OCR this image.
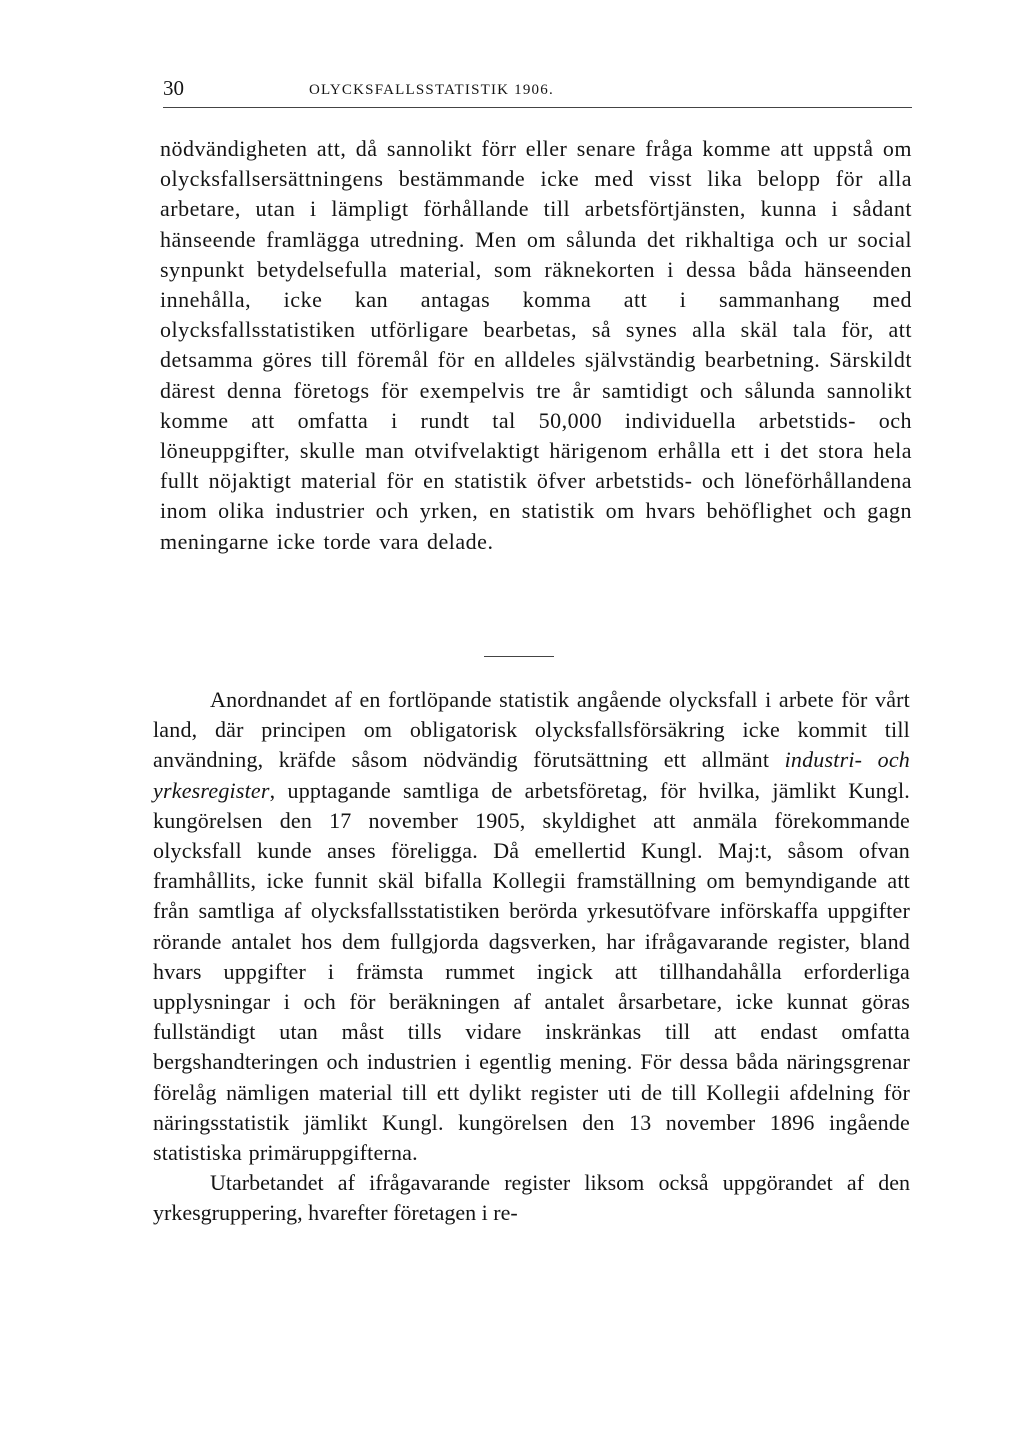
30	OLYCKSFALLSSTATISTIK 1906.

nödvändigheten att, då sannolikt förr eller senare fråga komme att uppstå om olycksfallsersättningens bestämmande icke med visst lika belopp för alla arbetare, utan i lämpligt förhållande till arbetsförtjänsten, kunna i sådant hänseende framlägga utredning. Men om sålunda det rikhaltiga och ur social synpunkt betydelsefulla material, som räknekorten i dessa båda hänseenden innehålla, icke kan antagas komma att i sammanhang med olycksfallsstatistiken utförligare bearbetas, så synes alla skäl tala för, att detsamma göres till föremål för en alldeles självständig bearbetning. Särskildt därest denna företogs för exempelvis tre år samtidigt och sålunda sannolikt komme att omfatta i rundt tal 50,000 individuella arbetstids- och löneuppgifter, skulle man otvifvelaktigt härigenom erhålla ett i det stora hela fullt nöjaktigt material för en statistik öfver arbetstids- och löneförhållandena inom olika industrier och yrken, en statistik om hvars behöflighet och gagn meningarne icke torde vara delade.

Anordnandet af en fortlöpande statistik angående olycksfall i arbete för vårt land, där principen om obligatorisk olycksfallsförsäkring icke kommit till användning, kräfde såsom nödvändig förutsättning ett allmänt industri- och yrkesregister, upptagande samtliga de arbetsföretag, för hvilka, jämlikt Kungl. kungörelsen den 17 november 1905, skyldighet att anmäla förekommande olycksfall kunde anses föreligga. Då emellertid Kungl. Maj:t, såsom ofvan framhållits, icke funnit skäl bifalla Kollegii framställning om bemyndigande att från samtliga af olycksfallsstatistiken berörda yrkesutöfvare införskaffa uppgifter rörande antalet hos dem fullgjorda dagsverken, har ifrågavarande register, bland hvars uppgifter i främsta rummet ingick att tillhandahålla erforderliga upplysningar i och för beräkningen af antalet årsarbetare, icke kunnat göras fullständigt utan måst tills vidare inskränkas till att endast omfatta bergshandteringen och industrien i egentlig mening. För dessa båda näringsgrenar förelåg nämligen material till ett dylikt register uti de till Kollegii afdelning för näringsstatistik jämlikt Kungl. kungörelsen den 13 november 1896 ingående statistiska primäruppgifterna.

Utarbetandet af ifrågavarande register liksom också uppgörandet af den yrkesgruppering, hvarefter företagen i re-
